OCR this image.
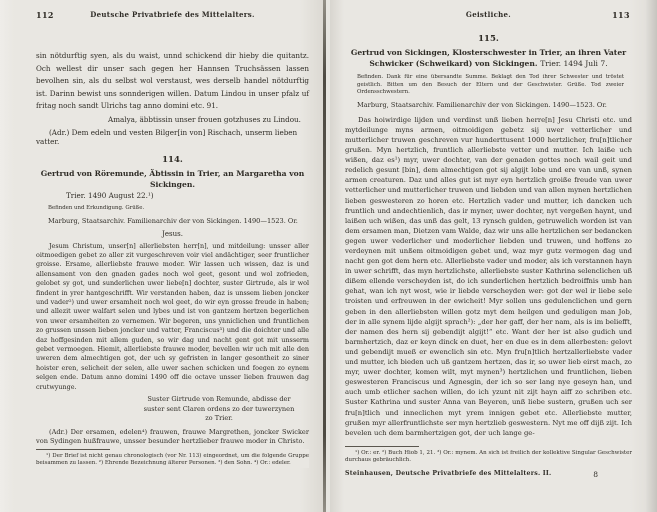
112	Deutsche Privatbriefe des Mittelalters.
sin nötdurftig syen, als du waist, unnd schickend dir hieby die quitantz. Och wellest dir unser sach gegen her Hannsen Truchsässen lassen bevolhen sin, als du selbst wol verstaust, wes derselb handel nötdurftig ist. Darinn bewist uns sonnderigen willen. Datum Lindou in unser pfalz uf fritag noch sandt Ulrichs tag anno domini etc. 91.
Amalya, äbbtissin unser frouen gotzhuses zu Lindou.
(Adr.) Dem edeln und vesten Bilger[in von] Rischach, unserm lieben vatter.
114.
Gertrud von Röremunde, Äbtissin in Trier, an Margaretha von Sickingen.
Trier. 1490 August 22.¹)
Befinden und Erkundigung. Grüße.
Marburg, Staatsarchiv. Familienarchiv der von Sickingen. 1490—1523. Or.
Jesus.
Jesum Christum, unser[n] allerliebsten herr[n], und mitdeilung: unsser aller oitmoedigen gebet zo aller zit vurgeschreven voir viel andächtiger, seer fruntlicher groisse. Ersame, allerliebste frauwe moder. Wir lassen uch wissen, daz is und allensament von den gnaden gades noch wol geet, gesont und wol zofrieden, gelobet sy got, und sunderlichen uwer liebe[n] dochter, suster Girtrude, als ir wol findent in yrer hantgeschrifft. Wir verstanden haben, daz is unssem lieben joncker und vader²) und uwer ersamheit noch wol geet, do wir eyn grosse freude in haben; und allezit uwer walfart selen und lybes und ist von gantzem hertzen begerlichen von uwer ersamheiten zo vernemen. Wir begeren, uns ynniclichen und fruntlichen zo grussen unssen lieben joncker und vatter, Franciscus³) und die doichter und alle daz hoffgesinden mit allem guden, so wir dag und nacht gent got mit unsserm gebet vermoegen. Hiemit, allerliebste frauwe moder, bevellen wir uch mit alle den uweren dem almechtigen got, der uch sy gefristen in langer gesontheit zo siner hoister eren, selicheit der selen, alle uwer sachen schicken und foegen zo eynem selgen ende. Datum anno domini 1490 off die octave unsser lieben frauwen dag crutwyunge.
Suster Girtrude von Remunde, abdisse der
suster sent Claren ordens zo der tuwerzynen
zo Trier.
(Adr.) Der ersamen, edelen⁴) frauwen, frauwe Margrethen, joncker Swicker von Sydingen hußfrauwe, unsser besunder hertzlieber frauwe moder in Christo.
¹) Der Brief ist nicht genau chronologisch (vor Nr. 113) eingeordnet, um die folgende Gruppe beisammen zu lassen. ²) Ehrende Bezeichnung älterer Personen. ³) den Sohn. ⁴) Or.: edeler.
Geistliche.	113
115.
Gertrud von Sickingen, Klosterschwester in Trier, an ihren Vater
Schwicker (Schweikard) von Sickingen. Trier. 1494 Juli 7.
Befinden. Dank für eine übersandte Summe. Beklagt den Tod ihrer Schwester und tröstet geistlich. Bitten um den Besuch der Eltern und der Geschwister. Grüße. Tod zweier Ordensschwestern.
Marburg, Staatsarchiv. Familienarchiv der von Sickingen. 1490—1523. Or.
Das hoiwirdige lijden und verdinst unß lieben herre[n] Jesu Christi etc. und mytdeilunge myns armen, oitmoidigen gebetz sij uwer vetterlicher und mutterlicher truwen geschreven vur hunderttusent 1000 hertzlicher, fru[n]tlicher grußen. Myn hertzlich, fruntlich allerliebste vetter und mutter. Ich laiße uch wißen, daz es¹) myr, uwer dochter, van der genaden gottes noch wail geit und redelich gesunt [bin], dem almechtigen got sij algijt lobe und ere van unß, synen armen creaturen. Daz und alles gut ist myr eyn hertzlich groiße freude van uwer vetterlicher und mutterlicher truwen und liebden und van allen mynen hertzlichen lieben geswesteren zo horen etc. Hertzlich vader und mutter, ich dancken uch fruntlich und andechtienlich, das ir myner, uwer dochter, nyt vergeßen haynt, und laißen uch wißen, das unß das gelt, 13 rynsch gulden, getruwelich worden ist van dem ersamen man, Dietzen vam Walde, daz wir uns alle hertzlichen ser bedancken gegen uwer vederlicher und moderlicher liebden und truwen, und hoffens zo verdeynen mit unßem oitmoidigen gebet und, waz myr gutz vermogen dag und nacht gen got dem hern etc. Allerliebste vader und moder, als ich verstannen hayn in uwer schrifft, das myn hertzlichste, allerliebste suster Kathrina selenclichen uß dißem ellende verscheyden ist, do ich sunderlichen hertzlich bedroiffnis umb han gehat, wan ich nyt wost, wie ir liebde verscheyden wer: got der wel ir liebe sele troisten und erfreuwen in der ewicheit! Myr sollen uns gedulenclichen und gern geben in den allerliebsten willen gotz myt dem heilgen und geduligen man Job, der in alle synem lijde algijt sprach²): „der her gaff, der her nam, als is im beliefft, der namen des hern sij gebendijt algijt!“ etc. Want der her ist also gudich und barmhertzich, daz er keyn dinck en duet, her en due es in dem allerbesten: gelovt und gebendijt mueß er ewenclich sin etc. Myn fru[n]tlich hertzallerliebste vader und mutter, ich bieden uch uß gantzem hertzen, das ir, so uwer lieb eirst mach, zo myr, uwer dochter, komen wilt, myt mynen³) hertzlichen und fruntlichen, lieben geswesteren Franciscus und Agnesgin, der ich so ser lang nye geseyn han, und auch umb etlicher sachen willen, do ich yzunt nit zijt hayn aiff zo schriben etc. Suster Kathrina und suster Anna van Beyeren, unß liebe sustern, grußen uch ser fru[n]tlich und inneclichen myt yrem innigen gebet etc. Allerliebste mutter, grußen myr allerfruntlichste ser myn hertzlieb geswestern. Nyt me off dijß zijt. Ich bevelen uch dem barmhertzigen got, der uch lange ge-
¹) Or.: er. ²) Buch Hiob 1, 21. ³) Or.: mynem. An sich ist freilich der kollektive Singular Geschwister durchaus gebräuchlich.
Steinhausen, Deutsche Privatbriefe des Mittelalters. II.	8
